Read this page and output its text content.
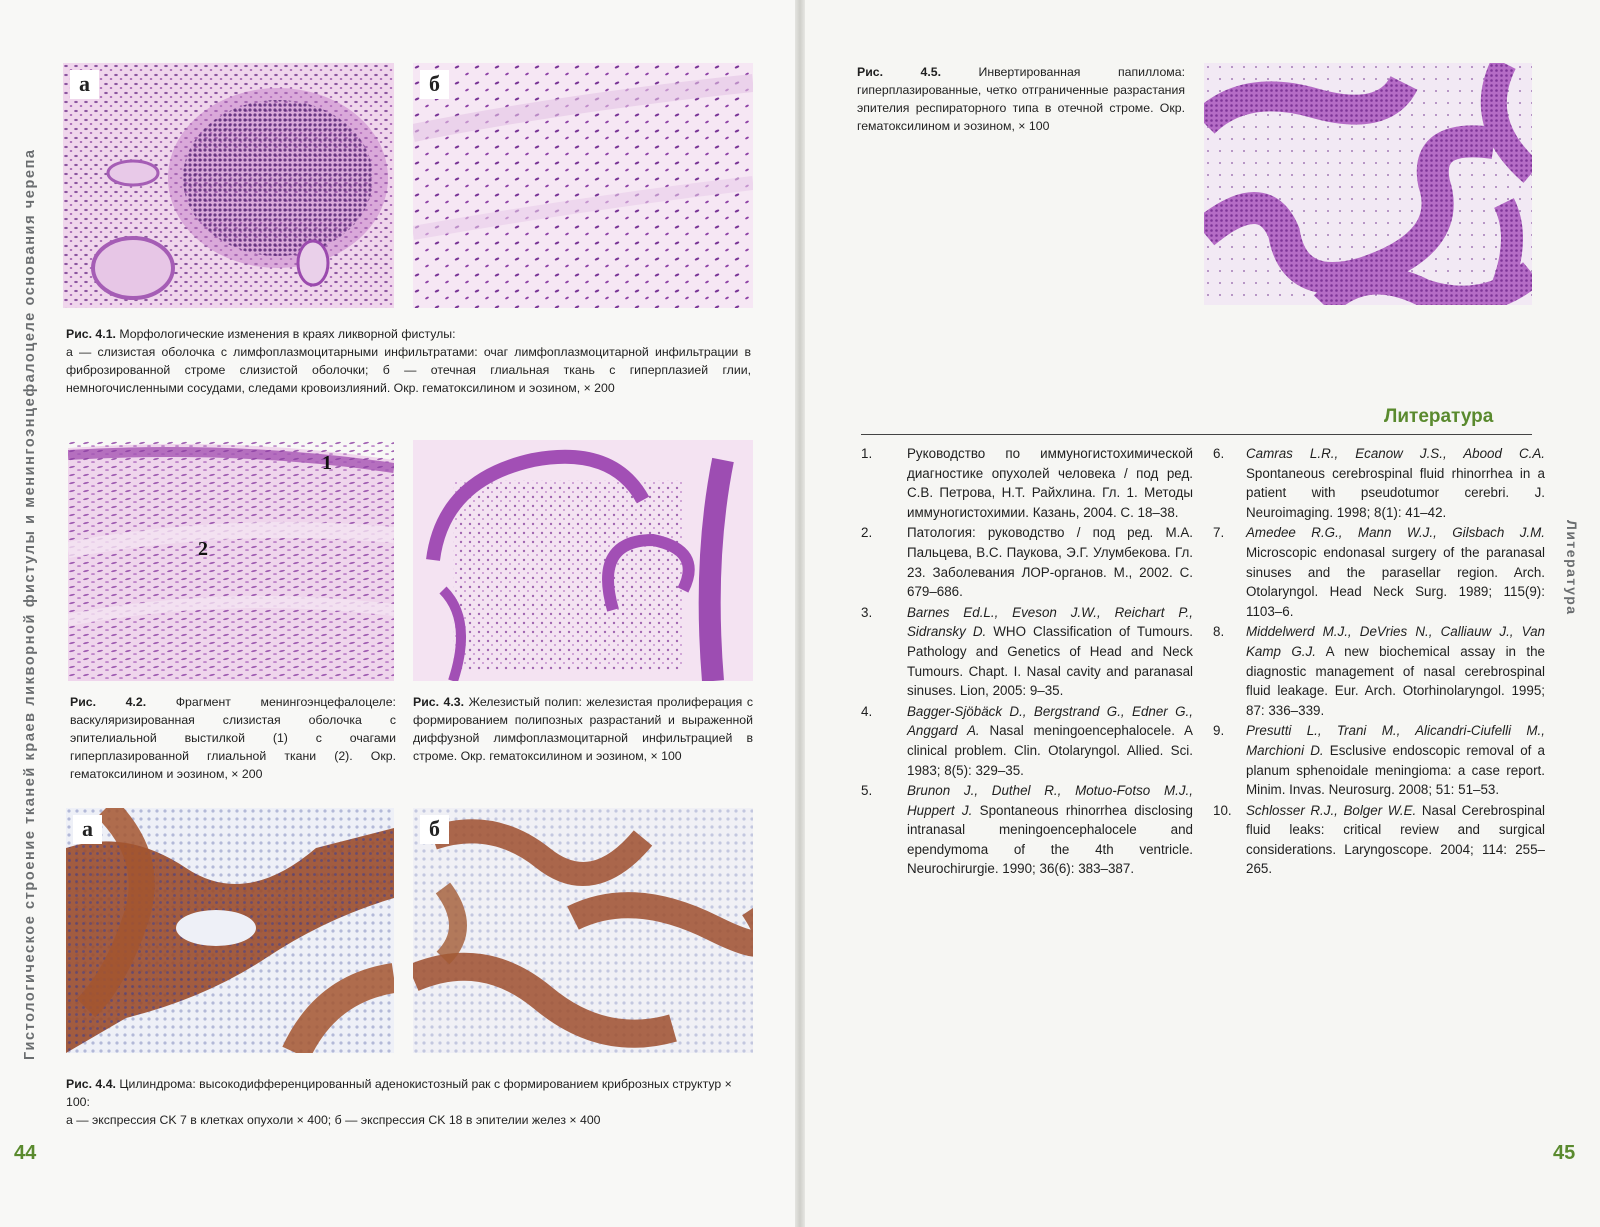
Гистологическое строение тканей краев ликворной фистулы и менингоэнцефалоцеле основания черепа	Литература
а	б
Рис. 4.1. Морфологические изменения в краях ликворной фистулы:
а — слизистая оболочка с лимфоплазмоцитарными инфильтратами: очаг лимфоплазмоцитарной инфильтрации в фиброзированной строме слизистой оболочки; б — отечная глиальная ткань с гиперплазией глии, немногочисленными сосудами, следами кровоизлияний. Окр. гематоксилином и эозином, × 200
1
2
Рис. 4.2. Фрагмент менингоэнцефалоцеле: васкуляризированная слизистая оболочка с эпителиальной выстилкой (1) с очагами гиперплазированной глиальной ткани (2). Окр. гематоксилином и эозином, × 200
Рис. 4.3. Железистый полип: железистая пролиферация с формированием полипозных разрастаний и выраженной диффузной лимфоплазмоцитарной инфильтрацией в строме. Окр. гематоксилином и эозином, × 100
а	б
Рис. 4.4. Цилиндрома: высокодифференцированный аденокистозный рак с формированием криброзных структур × 100:
а — экспрессия CK 7 в клетках опухоли × 400; б — экспрессия CK 18 в эпителии желез × 400
44
Рис. 4.5.	Инвертированная папиллома: гиперплазированные, четко отграниченные разрастания эпителия респираторного типа в отечной строме. Окр. гематоксилином и эозином, × 100
Литература
1.	Руководство по иммуногистохимической диагностике опухолей человека / под ред. С.В. Петрова, Н.Т. Райхлина. Гл. 1. Методы иммуногистохимии. Казань, 2004. С. 18–38.
2.	Патология: руководство / под ред. М.А. Пальцева, В.С. Паукова, Э.Г. Улумбекова. Гл. 23. Заболевания ЛОР-органов. М., 2002. С. 679–686.
3.	Barnes Ed.L., Eveson J.W., Reichart P., Sidransky D. WHO Classification of Tumours. Pathology and Genetics of Head and Neck Tumours. Chapt. I. Nasal cavity and paranasal sinuses. Lion, 2005: 9–35.
4.	Bagger-Sjöbäck D., Bergstrand G., Edner G., Anggard A. Nasal meningoencephalocele. A clinical problem. Clin. Otolaryngol. Allied. Sci. 1983; 8(5): 329–35.
5.	Brunon J., Duthel R., Motuo-Fotso M.J., Huppert J. Spontaneous rhinorrhea disclosing intranasal meningoencephalocele and ependymoma of the 4th ventricle. Neurochirurgie. 1990; 36(6): 383–387.
6. Camras L.R., Ecanow J.S., Abood C.A. Spontaneous cerebrospinal fluid rhinorrhea in a patient with pseudotumor cerebri. J. Neuroimaging. 1998; 8(1): 41–42.
7. Amedee R.G., Mann W.J., Gilsbach J.M. Microscopic endonasal surgery of the paranasal sinuses and the parasellar region. Arch. Otolaryngol. Head Neck Surg. 1989; 115(9): 1103–6.
8. Middelwerd M.J., DeVries N., Calliauw J., Van Kamp G.J. A new biochemical assay in the diagnostic management of nasal cerebrospinal fluid leakage. Eur. Arch. Otorhinolaryngol. 1995; 87: 336–339.
9. Presutti L., Trani M., Alicandri-Ciufelli M., Marchioni D. Esclusive endoscopic removal of a planum sphenoidale meningioma: a case report. Minim. Invas. Neurosurg. 2008; 51: 51–53.
10. Schlosser R.J., Bolger W.E. Nasal Cerebrospinal fluid leaks: critical review and surgical considerations. Laryngoscope. 2004; 114: 255–265.
45
